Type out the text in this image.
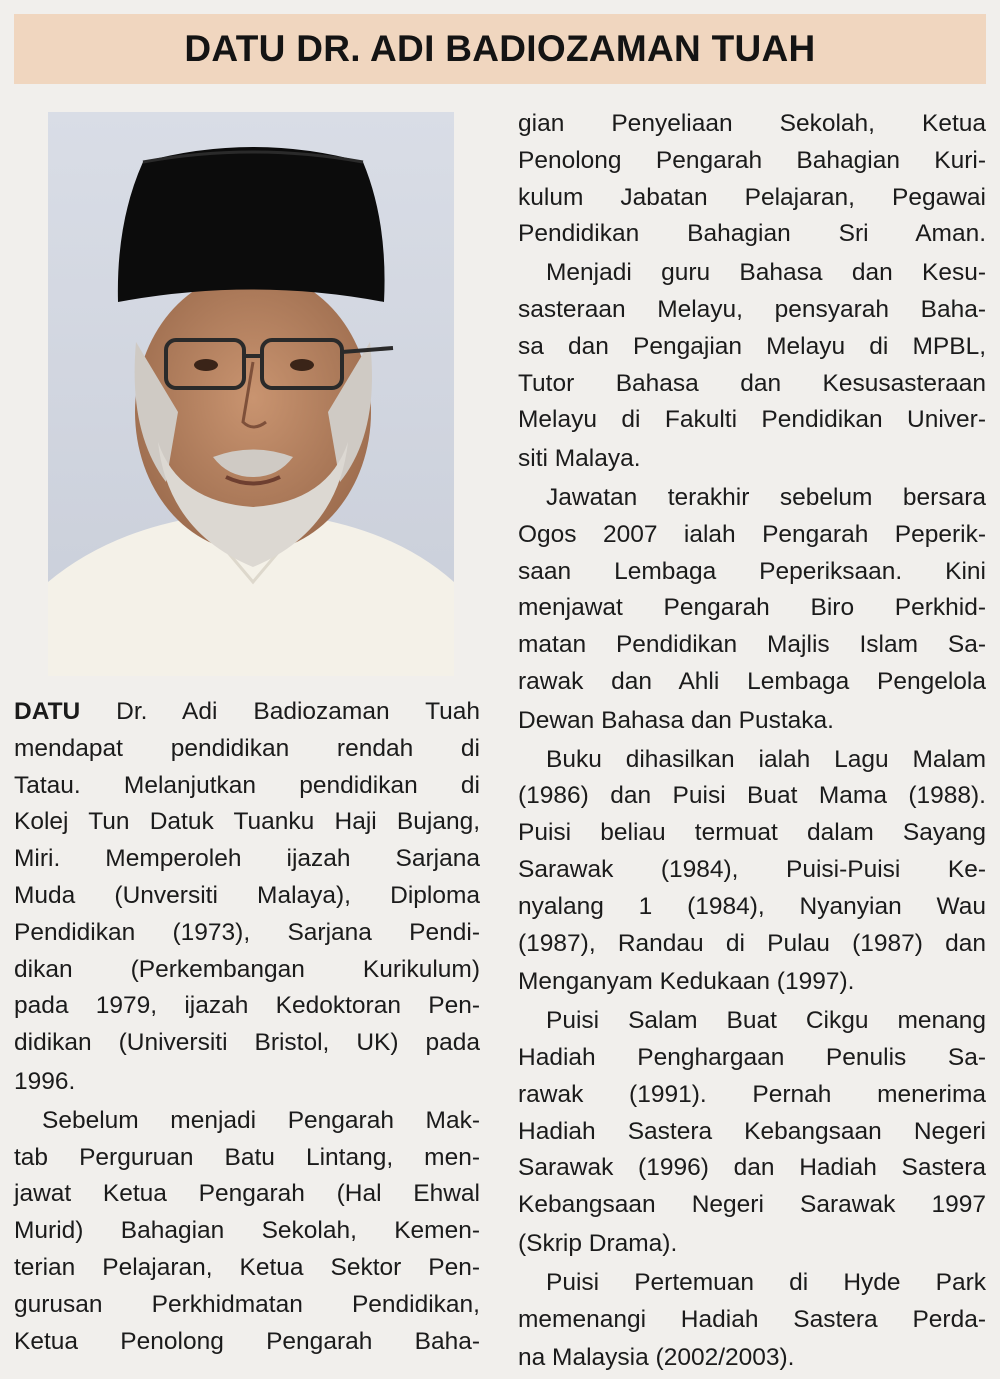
DATU DR. ADI BADIOZAMAN TUAH

DATU Dr. Adi Badiozaman Tuah
mendapat pendidikan rendah di
Tatau. Melanjutkan pendidikan di
Kolej Tun Datuk Tuanku Haji Bujang,
Miri. Memperoleh ijazah Sarjana
Muda (Unversiti Malaya), Diploma
Pendidikan (1973), Sarjana Pendi-
dikan (Perkembangan Kurikulum)
pada 1979, ijazah Kedoktoran Pen-
didikan (Universiti Bristol, UK) pada

1996.

Sebelum menjadi Pengarah Mak-
tab Perguruan Batu Lintang, men-
jawat Ketua Pengarah (Hal Ehwal
Murid) Bahagian Sekolah, Kemen-
terian Pelajaran, Ketua Sektor Pen-
gurusan Perkhidmatan Pendidikan,
Ketua Penolong Pengarah Baha-

gian Penyeliaan Sekolah, Ketua
Penolong Pengarah Bahagian Kuri-
kulum Jabatan Pelajaran, Pegawai
Pendidikan Bahagian Sri Aman.

Menjadi guru Bahasa dan Kesu-
sasteraan Melayu, pensyarah Baha-
sa dan Pengajian Melayu di MPBL,
Tutor Bahasa dan Kesusasteraan
Melayu di Fakulti Pendidikan Univer-

siti Malaya.

Jawatan terakhir sebelum bersara
Ogos 2007 ialah Pengarah Peperik-
saan Lembaga Peperiksaan. Kini
menjawat Pengarah Biro Perkhid-
matan Pendidikan Majlis Islam Sa-
rawak dan Ahli Lembaga Pengelola

Dewan Bahasa dan Pustaka.

Buku dihasilkan ialah Lagu Malam
(1986) dan Puisi Buat Mama (1988).
Puisi beliau termuat dalam Sayang
Sarawak (1984), Puisi-Puisi Ke-
nyalang 1 (1984), Nyanyian Wau
(1987), Randau di Pulau (1987) dan

Menganyam Kedukaan (1997).

Puisi Salam Buat Cikgu menang
Hadiah Penghargaan Penulis Sa-
rawak (1991). Pernah menerima
Hadiah Sastera Kebangsaan Negeri
Sarawak (1996) dan Hadiah Sastera
Kebangsaan Negeri Sarawak 1997

(Skrip Drama).

Puisi Pertemuan di Hyde Park
memenangi Hadiah Sastera Perda-

na Malaysia (2002/2003).
